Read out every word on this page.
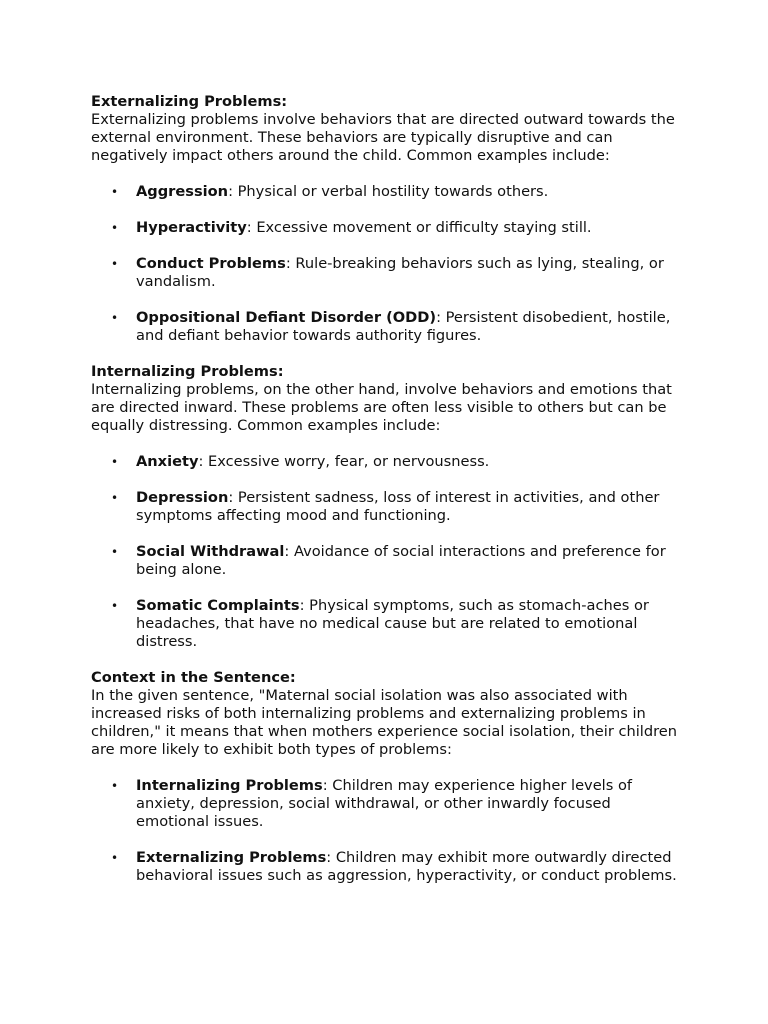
Externalizing Problems:

Externalizing problems involve behaviors that are directed outward towards the external environment. These behaviors are typically disruptive and can negatively impact others around the child. Common examples include:

• Aggression: Physical or verbal hostility towards others.
• Hyperactivity: Excessive movement or difficulty staying still.
• Conduct Problems: Rule-breaking behaviors such as lying, stealing, or vandalism.
• Oppositional Defiant Disorder (ODD): Persistent disobedient, hostile, and defiant behavior towards authority figures.

Internalizing Problems:

Internalizing problems, on the other hand, involve behaviors and emotions that are directed inward. These problems are often less visible to others but can be equally distressing. Common examples include:

• Anxiety: Excessive worry, fear, or nervousness.
• Depression: Persistent sadness, loss of interest in activities, and other symptoms affecting mood and functioning.
• Social Withdrawal: Avoidance of social interactions and preference for being alone.
• Somatic Complaints: Physical symptoms, such as stomach-aches or headaches, that have no medical cause but are related to emotional distress.

Context in the Sentence:

In the given sentence, "Maternal social isolation was also associated with increased risks of both internalizing problems and externalizing problems in children," it means that when mothers experience social isolation, their children are more likely to exhibit both types of problems:

• Internalizing Problems: Children may experience higher levels of anxiety, depression, social withdrawal, or other inwardly focused emotional issues.
• Externalizing Problems: Children may exhibit more outwardly directed behavioral issues such as aggression, hyperactivity, or conduct problems.
